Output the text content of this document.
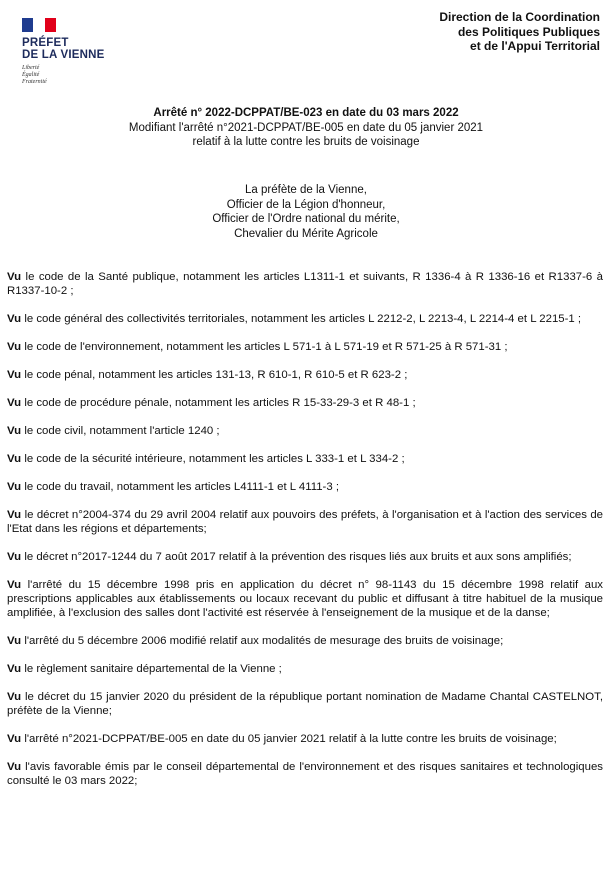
PRÉFET
DE LA VIENNE
Liberté
Égalité
Fraternité
Direction de la Coordination
des Politiques Publiques
et de l'Appui Territorial
Arrêté n° 2022-DCPPAT/BE-023 en date du 03 mars 2022
Modifiant l'arrêté n°2021-DCPPAT/BE-005 en date du 05 janvier 2021
relatif à la lutte contre les bruits de voisinage
La préfète de la Vienne,
Officier de la Légion d'honneur,
Officier de l'Ordre national du mérite,
Chevalier du Mérite Agricole

Vu le code de la Santé publique, notamment les articles L1311-1 et suivants, R 1336-4 à R 1336-16 et R1337-6 à R1337-10-2 ;

Vu le code général des collectivités territoriales, notamment les articles L 2212-2, L 2213-4, L 2214-4 et L 2215-1 ;

Vu le code de l'environnement, notamment les articles L 571-1 à L 571-19 et R 571-25 à R 571-31 ;

Vu le code pénal, notamment les articles 131-13, R 610-1, R 610-5 et R 623-2 ;

Vu le code de procédure pénale, notamment les articles R 15-33-29-3 et R 48-1 ;

Vu le code civil, notamment l'article 1240 ;

Vu le code de la sécurité intérieure, notamment les articles L 333-1 et L 334-2 ;

Vu le code du travail, notamment les articles L4111-1 et L 4111-3 ;

Vu le décret n°2004-374 du 29 avril 2004 relatif aux pouvoirs des préfets, à l'organisation et à l'action des services de l'Etat dans les régions et départements;

Vu le décret n°2017-1244 du 7 août 2017 relatif à la prévention des risques liés aux bruits et aux sons amplifiés;

Vu l'arrêté du 15 décembre 1998 pris en application du décret n° 98-1143 du 15 décembre 1998 relatif aux prescriptions applicables aux établissements ou locaux recevant du public et diffusant à titre habituel de la musique amplifiée, à l'exclusion des salles dont l'activité est réservée à l'enseignement de la musique et de la danse;

Vu l'arrêté du 5 décembre 2006 modifié relatif aux modalités de mesurage des bruits de voisinage;

Vu le règlement sanitaire départemental de la Vienne ;

Vu le décret du 15 janvier 2020 du président de la république portant nomination de Madame Chantal CASTELNOT, préfète de la Vienne;

Vu l'arrêté n°2021-DCPPAT/BE-005 en date du 05 janvier 2021 relatif à la lutte contre les bruits de voisinage;

Vu l'avis favorable émis par le conseil départemental de l'environnement et des risques sanitaires et technologiques consulté le 03 mars 2022;
